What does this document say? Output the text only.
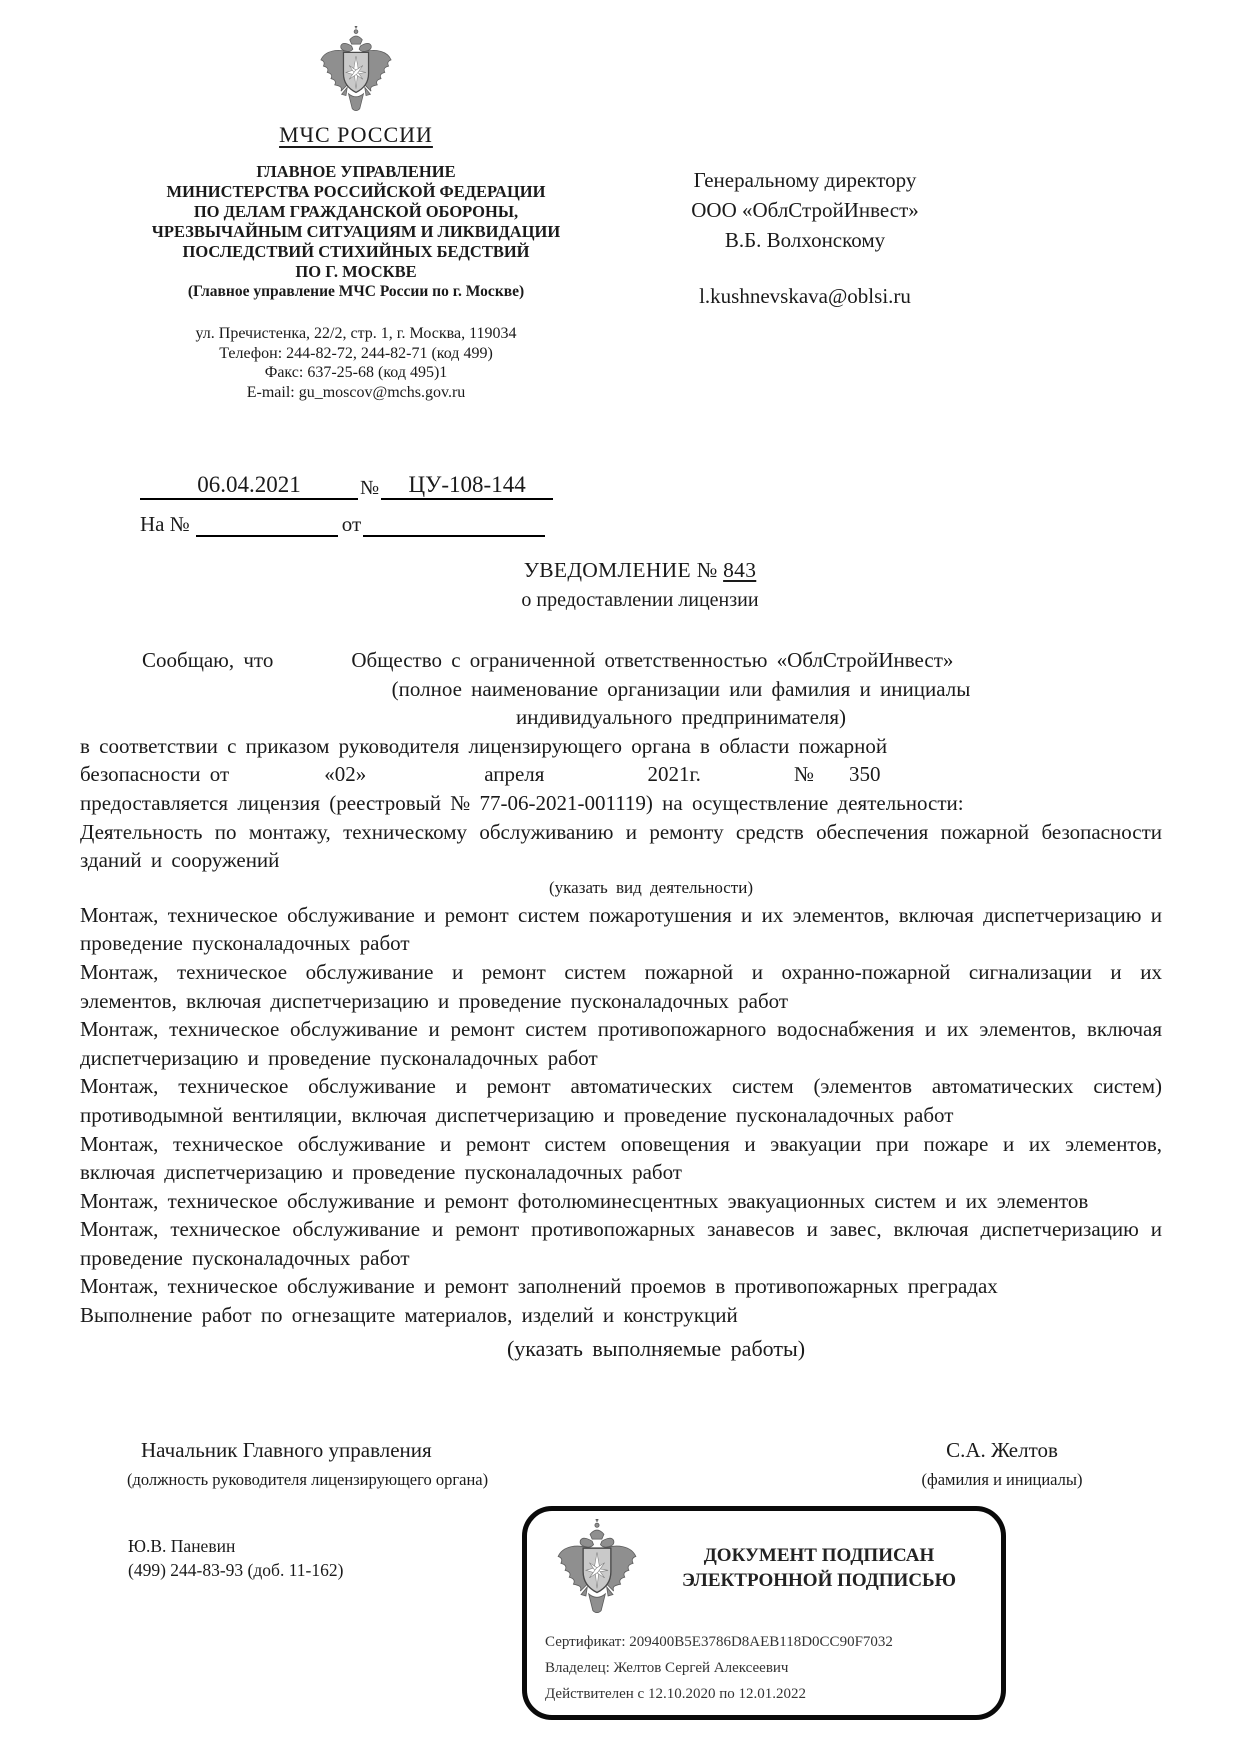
МЧС РОССИИ
ГЛАВНОЕ УПРАВЛЕНИЕ
МИНИСТЕРСТВА РОССИЙСКОЙ ФЕДЕРАЦИИ
ПО ДЕЛАМ ГРАЖДАНСКОЙ ОБОРОНЫ,
ЧРЕЗВЫЧАЙНЫМ СИТУАЦИЯМ И ЛИКВИДАЦИИ
ПОСЛЕДСТВИЙ СТИХИЙНЫХ БЕДСТВИЙ
ПО Г. МОСКВЕ
(Главное управление МЧС России по г. Москве)
ул. Пречистенка, 22/2, стр. 1, г. Москва, 119034
Телефон: 244-82-72, 244-82-71 (код 499)
Факс: 637-25-68 (код 495)1
E-mail: gu_moscov@mchs.gov.ru
Генеральному директору
ООО «ОблСтройИнвест»
В.Б. Волхонскому
l.kushnevskava@oblsi.ru
06.04.2021	№	ЦУ-108-144
На №	от
УВЕДОМЛЕНИЕ № 843
о предоставлении лицензии
Сообщаю, что	Общество с ограниченной ответственностью «ОблСтройИнвест»
(полное наименование организации или фамилия и инициалы
индивидуального предпринимателя)
в соответствии с приказом руководителя лицензирующего органа в области пожарной
безопасности от	«02»	апреля	2021г.	№ 350
предоставляется лицензия (реестровый № 77-06-2021-001119) на осуществление деятельности:
Деятельность по монтажу, техническому обслуживанию и ремонту средств обеспечения пожарной безопасности зданий и сооружений
(указать вид деятельности)
Монтаж, техническое обслуживание и ремонт систем пожаротушения и их элементов, включая диспетчеризацию и проведение пусконаладочных работ
Монтаж, техническое обслуживание и ремонт систем пожарной и охранно-пожарной сигнализации и их элементов, включая диспетчеризацию и проведение пусконаладочных работ
Монтаж, техническое обслуживание и ремонт систем противопожарного водоснабжения и их элементов, включая диспетчеризацию и проведение пусконаладочных работ
Монтаж, техническое обслуживание и ремонт автоматических систем (элементов автоматических систем) противодымной вентиляции, включая диспетчеризацию и проведение пусконаладочных работ
Монтаж, техническое обслуживание и ремонт систем оповещения и эвакуации при пожаре и их элементов, включая диспетчеризацию и проведение пусконаладочных работ
Монтаж, техническое обслуживание и ремонт фотолюминесцентных эвакуационных систем и их элементов
Монтаж, техническое обслуживание и ремонт противопожарных занавесов и завес, включая диспетчеризацию и проведение пусконаладочных работ
Монтаж, техническое обслуживание и ремонт заполнений проемов в противопожарных преградах
Выполнение работ по огнезащите материалов, изделий и конструкций
(указать выполняемые работы)
Начальник Главного управления
(должность руководителя лицензирующего органа)
С.А. Желтов
(фамилия и инициалы)
Ю.В. Паневин
(499) 244-83-93 (доб. 11-162)
ДОКУМЕНТ ПОДПИСАН
ЭЛЕКТРОННОЙ ПОДПИСЬЮ
Сертификат: 209400B5E3786D8AEB118D0CC90F7032
Владелец: Желтов Сергей Алексеевич
Действителен с 12.10.2020 по 12.01.2022
